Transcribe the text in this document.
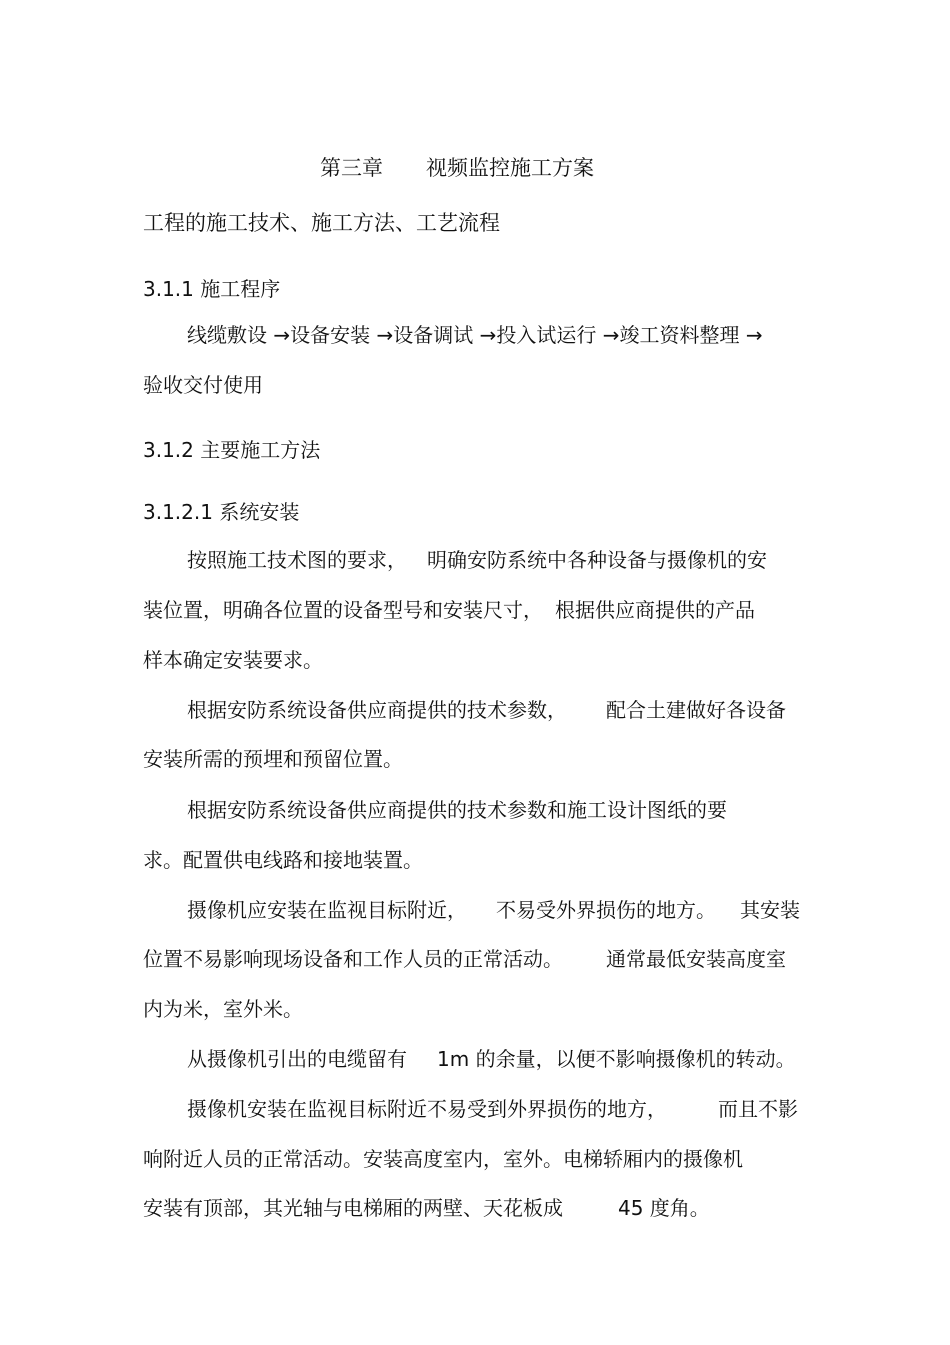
第三章 视频监控施工方案
工程的施工技术、施工方法、工艺流程
3.1.1 施工程序
线缆敷设 →设备安装 →设备调试 →投入试运行 →竣工资料整理 →
验收交付使用
3.1.2 主要施工方法
3.1.2.1 系统安装
按照施工技术图的要求， 明确安防系统中各种设备与摄像机的安
装位置，明确各位置的设备型号和安装尺寸， 根据供应商提供的产品
样本确定安装要求。
根据安防系统设备供应商提供的技术参数， 配合土建做好各设备
安装所需的预埋和预留位置。
根据安防系统设备供应商提供的技术参数和施工设计图纸的要
求。配置供电线路和接地装置。
摄像机应安装在监视目标附近， 不易受外界损伤的地方。 其安装
位置不易影响现场设备和工作人员的正常活动。 通常最低安装高度室
内为米，室外米。
从摄像机引出的电缆留有 1m 的余量，以便不影响摄像机的转动。
摄像机安装在监视目标附近不易受到外界损伤的地方，	而且不影
响附近人员的正常活动。安装高度室内，室外。电梯轿厢内的摄像机
安装有顶部，其光轴与电梯厢的两壁、天花板成	45 度角。
